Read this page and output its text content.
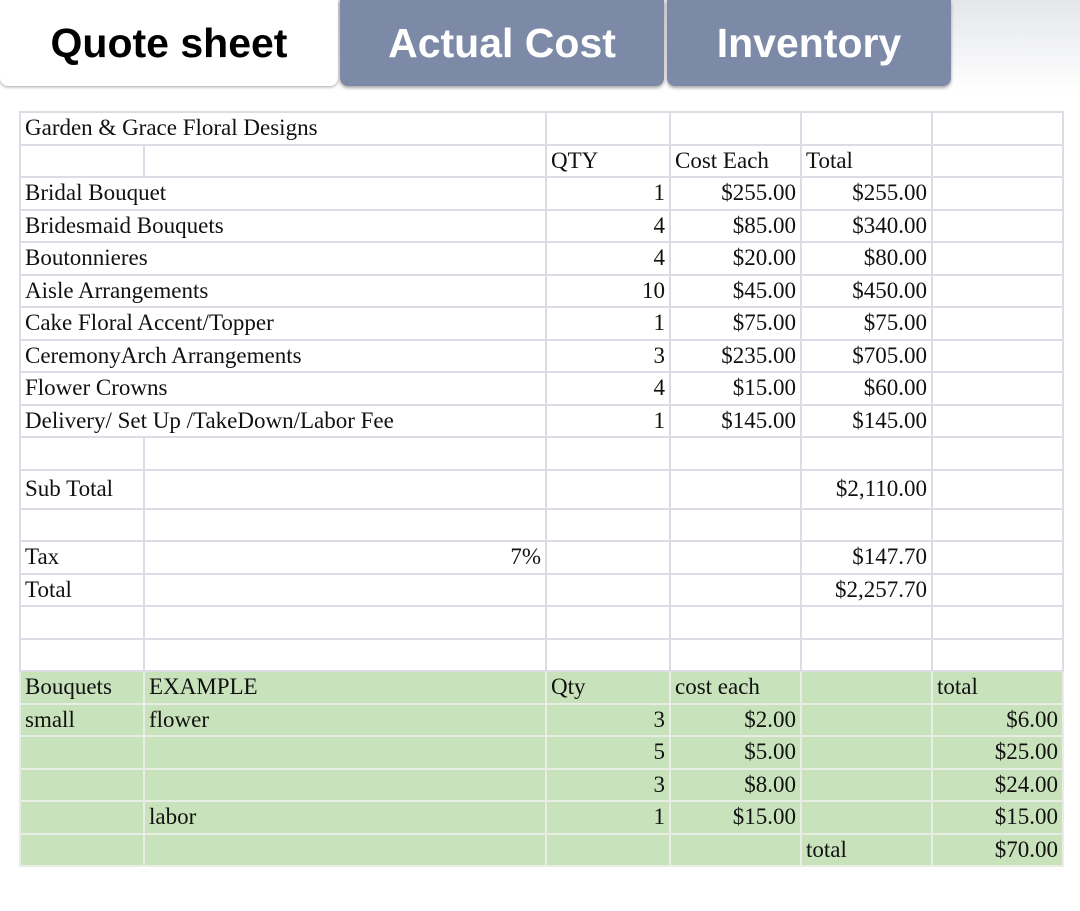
Quote sheet	Actual Cost	Inventory
Garden & Grace Floral Designs					
		QTY	Cost Each	Total	
Bridal Bouquet		1	$255.00	$255.00	
Bridesmaid Bouquets		4	$85.00	$340.00	
Boutonnieres		4	$20.00	$80.00	
Aisle Arrangements		10	$45.00	$450.00	
Cake Floral Accent/Topper		1	$75.00	$75.00	
CeremonyArch Arrangements		3	$235.00	$705.00	
Flower Crowns		4	$15.00	$60.00	
Delivery/ Set Up /TakeDown/Labor Fee		1	$145.00	$145.00	

Sub Total				$2,110.00	

Tax	7%			$147.70	
Total				$2,257.70	

Bouquets	EXAMPLE	Qty	cost each		total
small	flower	3	$2.00		$6.00
		5	$5.00		$25.00
		3	$8.00		$24.00
	labor	1	$15.00		$15.00
				total	$70.00
